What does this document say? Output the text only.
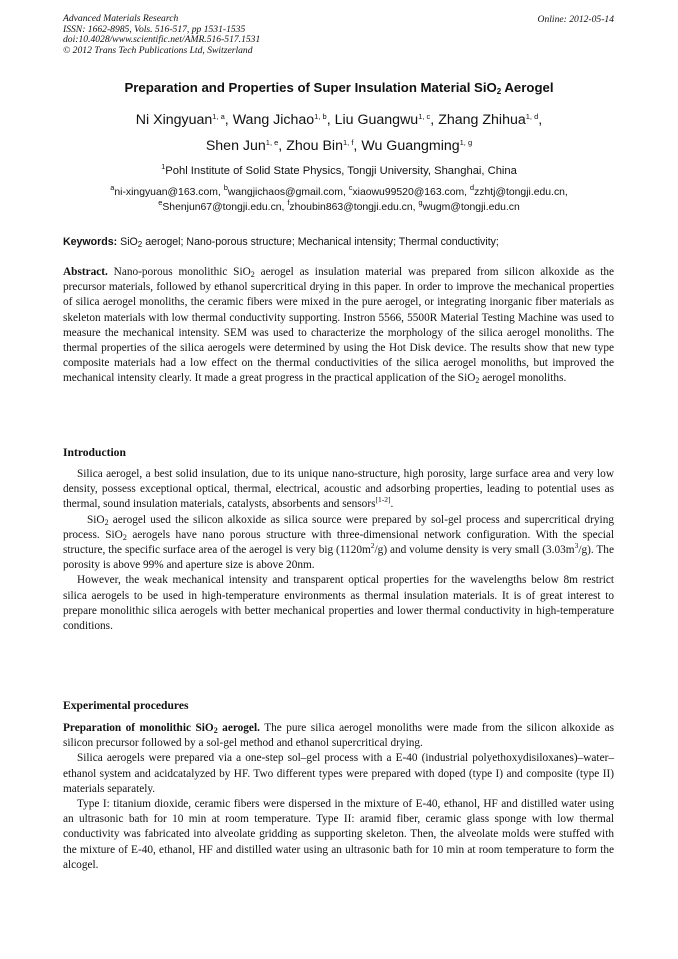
Advanced Materials Research
ISSN: 1662-8985, Vols. 516-517, pp 1531-1535
doi:10.4028/www.scientific.net/AMR.516-517.1531
© 2012 Trans Tech Publications Ltd, Switzerland
Online: 2012-05-14
Preparation and Properties of Super Insulation Material SiO$_2$ Aerogel
Ni Xingyuan$^{1, a}$, Wang Jichao$^{1, b}$, Liu Guangwu$^{1, c}$, Zhang Zhihua$^{1, d}$,
Shen Jun$^{1, e}$, Zhou Bin$^{1, f}$, Wu Guangming$^{1, g}$
$^1$Pohl Institute of Solid State Physics, Tongji University, Shanghai, China
$^a$ni-xingyuan@163.com, $^b$wangjichaos@gmail.com, $^c$xiaowu99520@163.com, $^d$zzhtj@tongji.edu.cn,
$^e$Shenjun67@tongji.edu.cn, $^f$zhoubin863@tongji.edu.cn, $^g$wugm@tongji.edu.cn
Keywords: SiO$_2$ aerogel; Nano-porous structure; Mechanical intensity; Thermal conductivity;

Abstract. Nano-porous monolithic SiO$_2$ aerogel as insulation material was prepared from silicon alkoxide as the precursor materials, followed by ethanol supercritical drying in this paper. In order to improve the mechanical properties of silica aerogel monoliths, the ceramic fibers were mixed in the pure aerogel, or integrating inorganic fiber materials as skeleton materials with low thermal conductivity supporting. Instron 5566, 5500R Material Testing Machine was used to measure the mechanical intensity. SEM was used to characterize the morphology of the silica aerogel monoliths. The thermal properties of the silica aerogels were determined by using the Hot Disk device. The results show that new type composite materials had a low effect on the thermal conductivities of the silica aerogel monoliths, but improved the mechanical intensity clearly. It made a great progress in the practical application of the SiO$_2$ aerogel monoliths.

Introduction

Silica aerogel, a best solid insulation, due to its unique nano-structure, high porosity, large surface area and very low density, possess exceptional optical, thermal, electrical, acoustic and adsorbing properties, leading to potential uses as thermal, sound insulation materials, catalysts, absorbents and sensors[1-2].

SiO$_2$ aerogel used the silicon alkoxide as silica source were prepared by sol-gel process and supercritical drying process. SiO$_2$ aerogels have nano porous structure with three-dimensional network configuration. With the special structure, the specific surface area of the aerogel is very big $(1120m^2/g)$ and volume density is very small $(3.03m^3/g)$. The porosity is above 99% and aperture size is above 20nm.

However, the weak mechanical intensity and transparent optical properties for the wavelengths below 8m restrict silica aerogels to be used in high-temperature environments as thermal insulation materials. It is of great interest to prepare monolithic silica aerogels with better mechanical properties and lower thermal conductivity in high-temperature conditions.

Experimental procedures

Preparation of monolithic SiO$_2$ aerogel. The pure silica aerogel monoliths were made from the silicon alkoxide as silicon precursor followed by a sol-gel method and ethanol supercritical drying.

Silica aerogels were prepared via a one-step sol–gel process with a E-40 (industrial polyethoxydisiloxanes)–water–ethanol system and acidcatalyzed by HF. Two different types were prepared with doped (type I) and composite (type II) materials separately.

Type I: titanium dioxide, ceramic fibers were dispersed in the mixture of E-40, ethanol, HF and distilled water using an ultrasonic bath for 10 min at room temperature. Type II: aramid fiber, ceramic glass sponge with low thermal conductivity was fabricated into alveolate gridding as supporting skeleton. Then, the alveolate molds were stuffed with the mixture of E-40, ethanol, HF and distilled water using an ultrasonic bath for 10 min at room temperature to form the alcogel.
